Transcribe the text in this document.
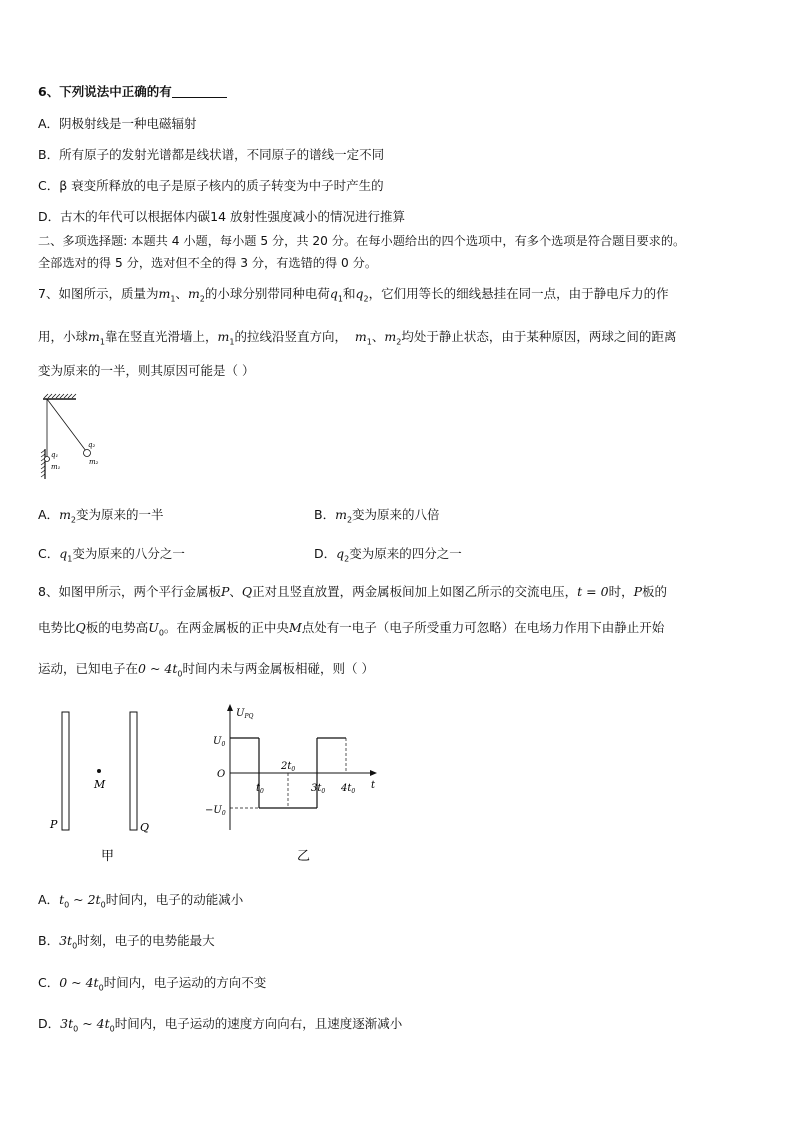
6、下列说法中正确的有
A．阴极射线是一种电磁辐射
B．所有原子的发射光谱都是线状谱，不同原子的谱线一定不同
C．β 衰变所释放的电子是原子核内的质子转变为中子时产生的
D．古木的年代可以根据体内碳14 放射性强度减小的情况进行推算
二、多项选择题: 本题共 4 小题，每小题 5 分，共 20 分。在每小题给出的四个选项中，有多个选项是符合题目要求的。
全部选对的得 5 分，选对但不全的得 3 分，有选错的得 0 分。
7、如图所示，质量为$m_1$、$m_2$的小球分别带同种电荷$q_1$和$q_2$，它们用等长的细线悬挂在同一点，由于静电斥力的作
用，小球$m_1$靠在竖直光滑墙上，$m_1$的拉线沿竖直方向， $m_1$、$m_2$均处于静止状态，由于某种原因，两球之间的距离
变为原来的一半，则其原因可能是（ ）
q₁
m₁
q₂
m₂
A．$m_2$变为原来的一半	B．$m_2$变为原来的八倍
C．$q_1$变为原来的八分之一	D．$q_2$变为原来的四分之一
8、如图甲所示，两个平行金属板P、Q正对且竖直放置，两金属板间加上如图乙所示的交流电压，t = 0时，P板的
电势比Q板的电势高$U_0$。在两金属板的正中央M点处有一电子（电子所受重力可忽略）在电场力作用下由静止开始
运动，已知电子在0 ~ $4t_0$时间内未与两金属板相碰，则（ ）
M
P	Q
甲
$U_{PQ}$
$U_0$
O
$-U_0$
t
$t_0$
$2t_0$
$3t_0$ $4t_0$
乙
A．$t_0$ ~ $2t_0$时间内，电子的动能减小
B．$3t_0$时刻，电子的电势能最大
C．0 ~ $4t_0$时间内，电子运动的方向不变
D．$3t_0$ ~ $4t_0$时间内，电子运动的速度方向向右，且速度逐渐减小
